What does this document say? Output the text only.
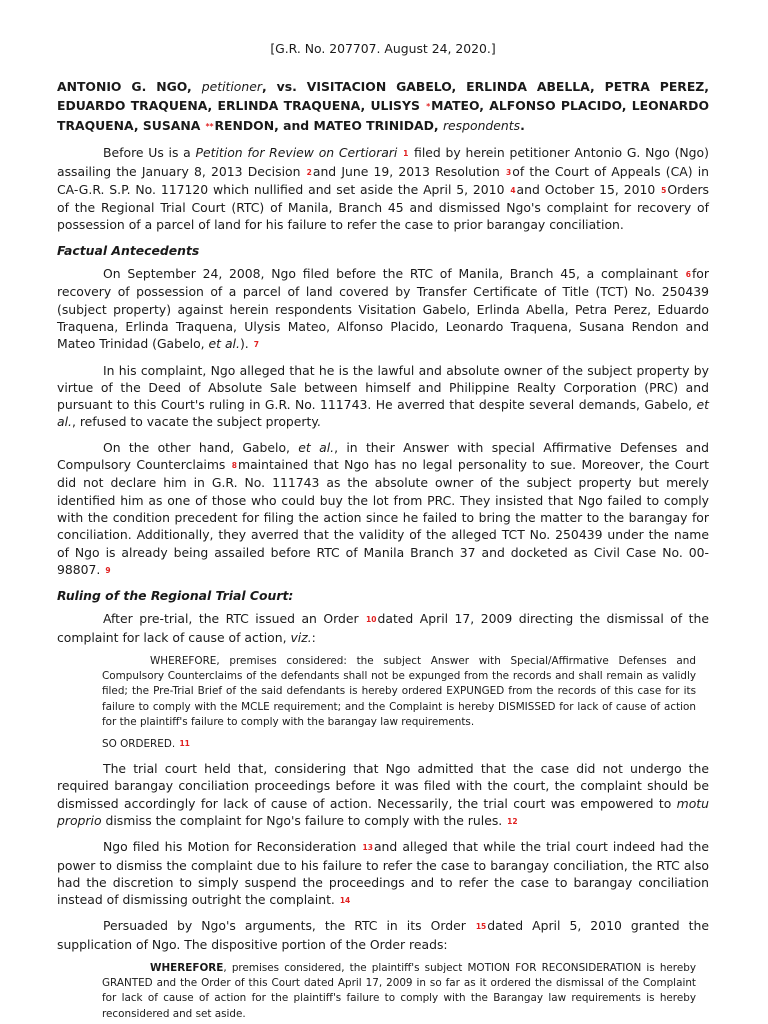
[G.R. No. 207707. August 24, 2020.]
ANTONIO G. NGO, petitioner, vs. VISITACION GABELO, ERLINDA ABELLA, PETRA PEREZ, EDUARDO TRAQUENA, ERLINDA TRAQUENA, ULISYS *MATEO, ALFONSO PLACIDO, LEONARDO TRAQUENA, SUSANA **RENDON, and MATEO TRINIDAD, respondents.

Before Us is a Petition for Review on Certiorari 1 filed by herein petitioner Antonio G. Ngo (Ngo) assailing the January 8, 2013 Decision 2and June 19, 2013 Resolution 3of the Court of Appeals (CA) in CA-G.R. S.P. No. 117120 which nullified and set aside the April 5, 2010 4and October 15, 2010 5Orders of the Regional Trial Court (RTC) of Manila, Branch 45 and dismissed Ngo's complaint for recovery of possession of a parcel of land for his failure to refer the case to prior barangay conciliation.

Factual Antecedents

On September 24, 2008, Ngo filed before the RTC of Manila, Branch 45, a complainant 6for recovery of possession of a parcel of land covered by Transfer Certificate of Title (TCT) No. 250439 (subject property) against herein respondents Visitation Gabelo, Erlinda Abella, Petra Perez, Eduardo Traquena, Erlinda Traquena, Ulysis Mateo, Alfonso Placido, Leonardo Traquena, Susana Rendon and Mateo Trinidad (Gabelo, et al.). 7

In his complaint, Ngo alleged that he is the lawful and absolute owner of the subject property by virtue of the Deed of Absolute Sale between himself and Philippine Realty Corporation (PRC) and pursuant to this Court's ruling in G.R. No. 111743. He averred that despite several demands, Gabelo, et al., refused to vacate the subject property.

On the other hand, Gabelo, et al., in their Answer with special Affirmative Defenses and Compulsory Counterclaims 8maintained that Ngo has no legal personality to sue. Moreover, the Court did not declare him in G.R. No. 111743 as the absolute owner of the subject property but merely identified him as one of those who could buy the lot from PRC. They insisted that Ngo failed to comply with the condition precedent for filing the action since he failed to bring the matter to the barangay for conciliation. Additionally, they averred that the validity of the alleged TCT No. 250439 under the name of Ngo is already being assailed before RTC of Manila Branch 37 and docketed as Civil Case No. 00-98807. 9

Ruling of the Regional Trial Court:

After pre-trial, the RTC issued an Order 10dated April 17, 2009 directing the dismissal of the complaint for lack of cause of action, viz.:

WHEREFORE, premises considered: the subject Answer with Special/Affirmative Defenses and Compulsory Counterclaims of the defendants shall not be expunged from the records and shall remain as validly filed; the Pre-Trial Brief of the said defendants is hereby ordered EXPUNGED from the records of this case for its failure to comply with the MCLE requirement; and the Complaint is hereby DISMISSED for lack of cause of action for the plaintiff's failure to comply with the barangay law requirements.
SO ORDERED. 11

The trial court held that, considering that Ngo admitted that the case did not undergo the required barangay conciliation proceedings before it was filed with the court, the complaint should be dismissed accordingly for lack of cause of action. Necessarily, the trial court was empowered to motu proprio dismiss the complaint for Ngo's failure to comply with the rules. 12

Ngo filed his Motion for Reconsideration 13and alleged that while the trial court indeed had the power to dismiss the complaint due to his failure to refer the case to barangay conciliation, the RTC also had the discretion to simply suspend the proceedings and to refer the case to barangay conciliation instead of dismissing outright the complaint. 14

Persuaded by Ngo's arguments, the RTC in its Order 15dated April 5, 2010 granted the supplication of Ngo. The dispositive portion of the Order reads:

WHEREFORE, premises considered, the plaintiff's subject MOTION FOR RECONSIDERATION is hereby GRANTED and the Order of this Court dated April 17, 2009 in so far as it ordered the dismissal of the Complaint for lack of cause of action for the plaintiff's failure to comply with the Barangay law requirements is hereby reconsidered and set aside.
